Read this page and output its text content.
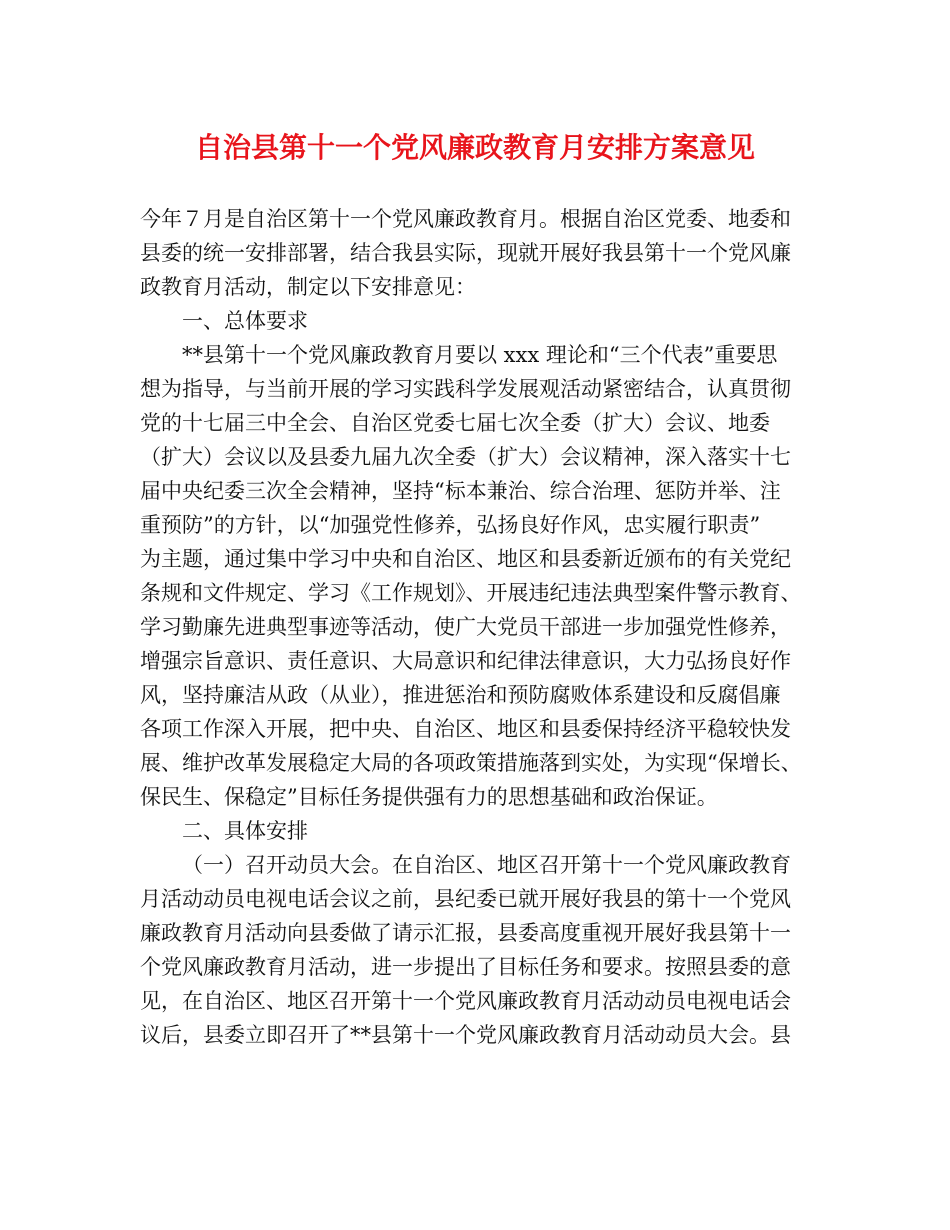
自治县第十一个党风廉政教育月安排方案意见

今年７月是自治区第十一个党风廉政教育月。根据自治区党委、地委和

县委的统一安排部署，结合我县实际，现就开展好我县第十一个党风廉

政教育月活动，制定以下安排意见：

一、总体要求

**县第十一个党风廉政教育月要以 xxx 理论和“三个代表”重要思

想为指导，与当前开展的学习实践科学发展观活动紧密结合，认真贯彻

党的十七届三中全会、自治区党委七届七次全委（扩大）会议、地委

（扩大）会议以及县委九届九次全委（扩大）会议精神，深入落实十七

届中央纪委三次全会精神，坚持“标本兼治、综合治理、惩防并举、注

重预防”的方针，以“加强党性修养，弘扬良好作风，忠实履行职责”

为主题，通过集中学习中央和自治区、地区和县委新近颁布的有关党纪

条规和文件规定、学习《工作规划》、开展违纪违法典型案件警示教育、

学习勤廉先进典型事迹等活动，使广大党员干部进一步加强党性修养，

增强宗旨意识、责任意识、大局意识和纪律法律意识，大力弘扬良好作

风，坚持廉洁从政（从业），推进惩治和预防腐败体系建设和反腐倡廉

各项工作深入开展，把中央、自治区、地区和县委保持经济平稳较快发

展、维护改革发展稳定大局的各项政策措施落到实处，为实现“保增长、

保民生、保稳定”目标任务提供强有力的思想基础和政治保证。

二、具体安排

（一）召开动员大会。在自治区、地区召开第十一个党风廉政教育

月活动动员电视电话会议之前，县纪委已就开展好我县的第十一个党风

廉政教育月活动向县委做了请示汇报，县委高度重视开展好我县第十一

个党风廉政教育月活动，进一步提出了目标任务和要求。按照县委的意

见，在自治区、地区召开第十一个党风廉政教育月活动动员电视电话会

议后，县委立即召开了**县第十一个党风廉政教育月活动动员大会。县
